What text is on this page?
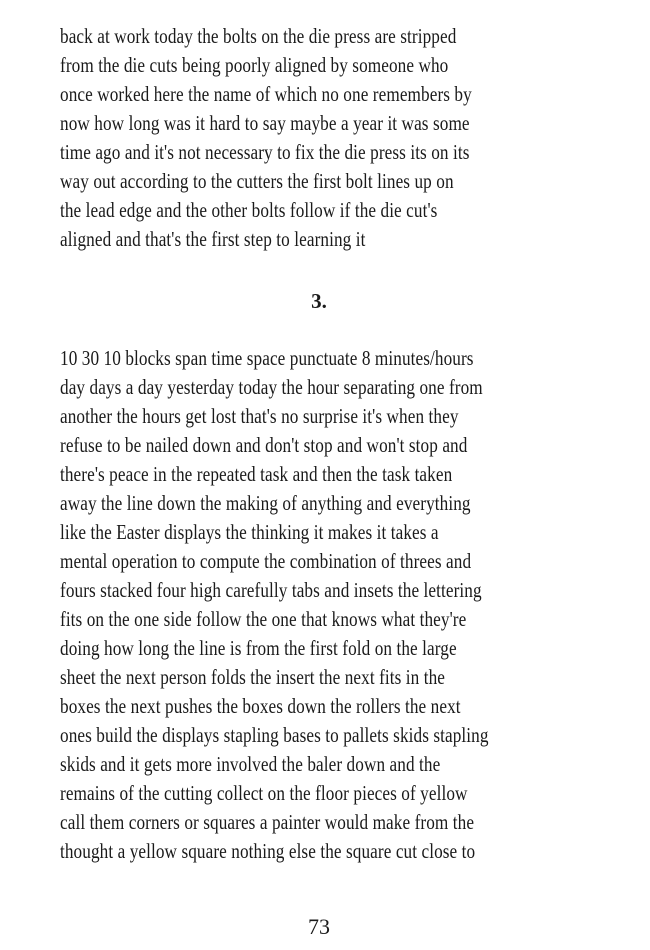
back at work today the bolts on the die press are stripped
from the die cuts being poorly aligned by someone who
once worked here the name of which no one remembers by
now how long was it hard to say maybe a year it was some
time ago and it's not necessary to fix the die press its on its
way out according to the cutters the first bolt lines up on
the lead edge and the other bolts follow if the die cut's
aligned and that's the first step to learning it
3.
10 30 10 blocks span time space punctuate 8 minutes/hours
day days a day yesterday today the hour separating one from
another the hours get lost that's no surprise it's when they
refuse to be nailed down and don't stop and won't stop and
there's peace in the repeated task and then the task taken
away the line down the making of anything and everything
like the Easter displays the thinking it makes it takes a
mental operation to compute the combination of threes and
fours stacked four high carefully tabs and insets the lettering
fits on the one side follow the one that knows what they're
doing how long the line is from the first fold on the large
sheet the next person folds the insert the next fits in the
boxes the next pushes the boxes down the rollers the next
ones build the displays stapling bases to pallets skids stapling
skids and it gets more involved the baler down and the
remains of the cutting collect on the floor pieces of yellow
call them corners or squares a painter would make from the
thought a yellow square nothing else the square cut close to
73
